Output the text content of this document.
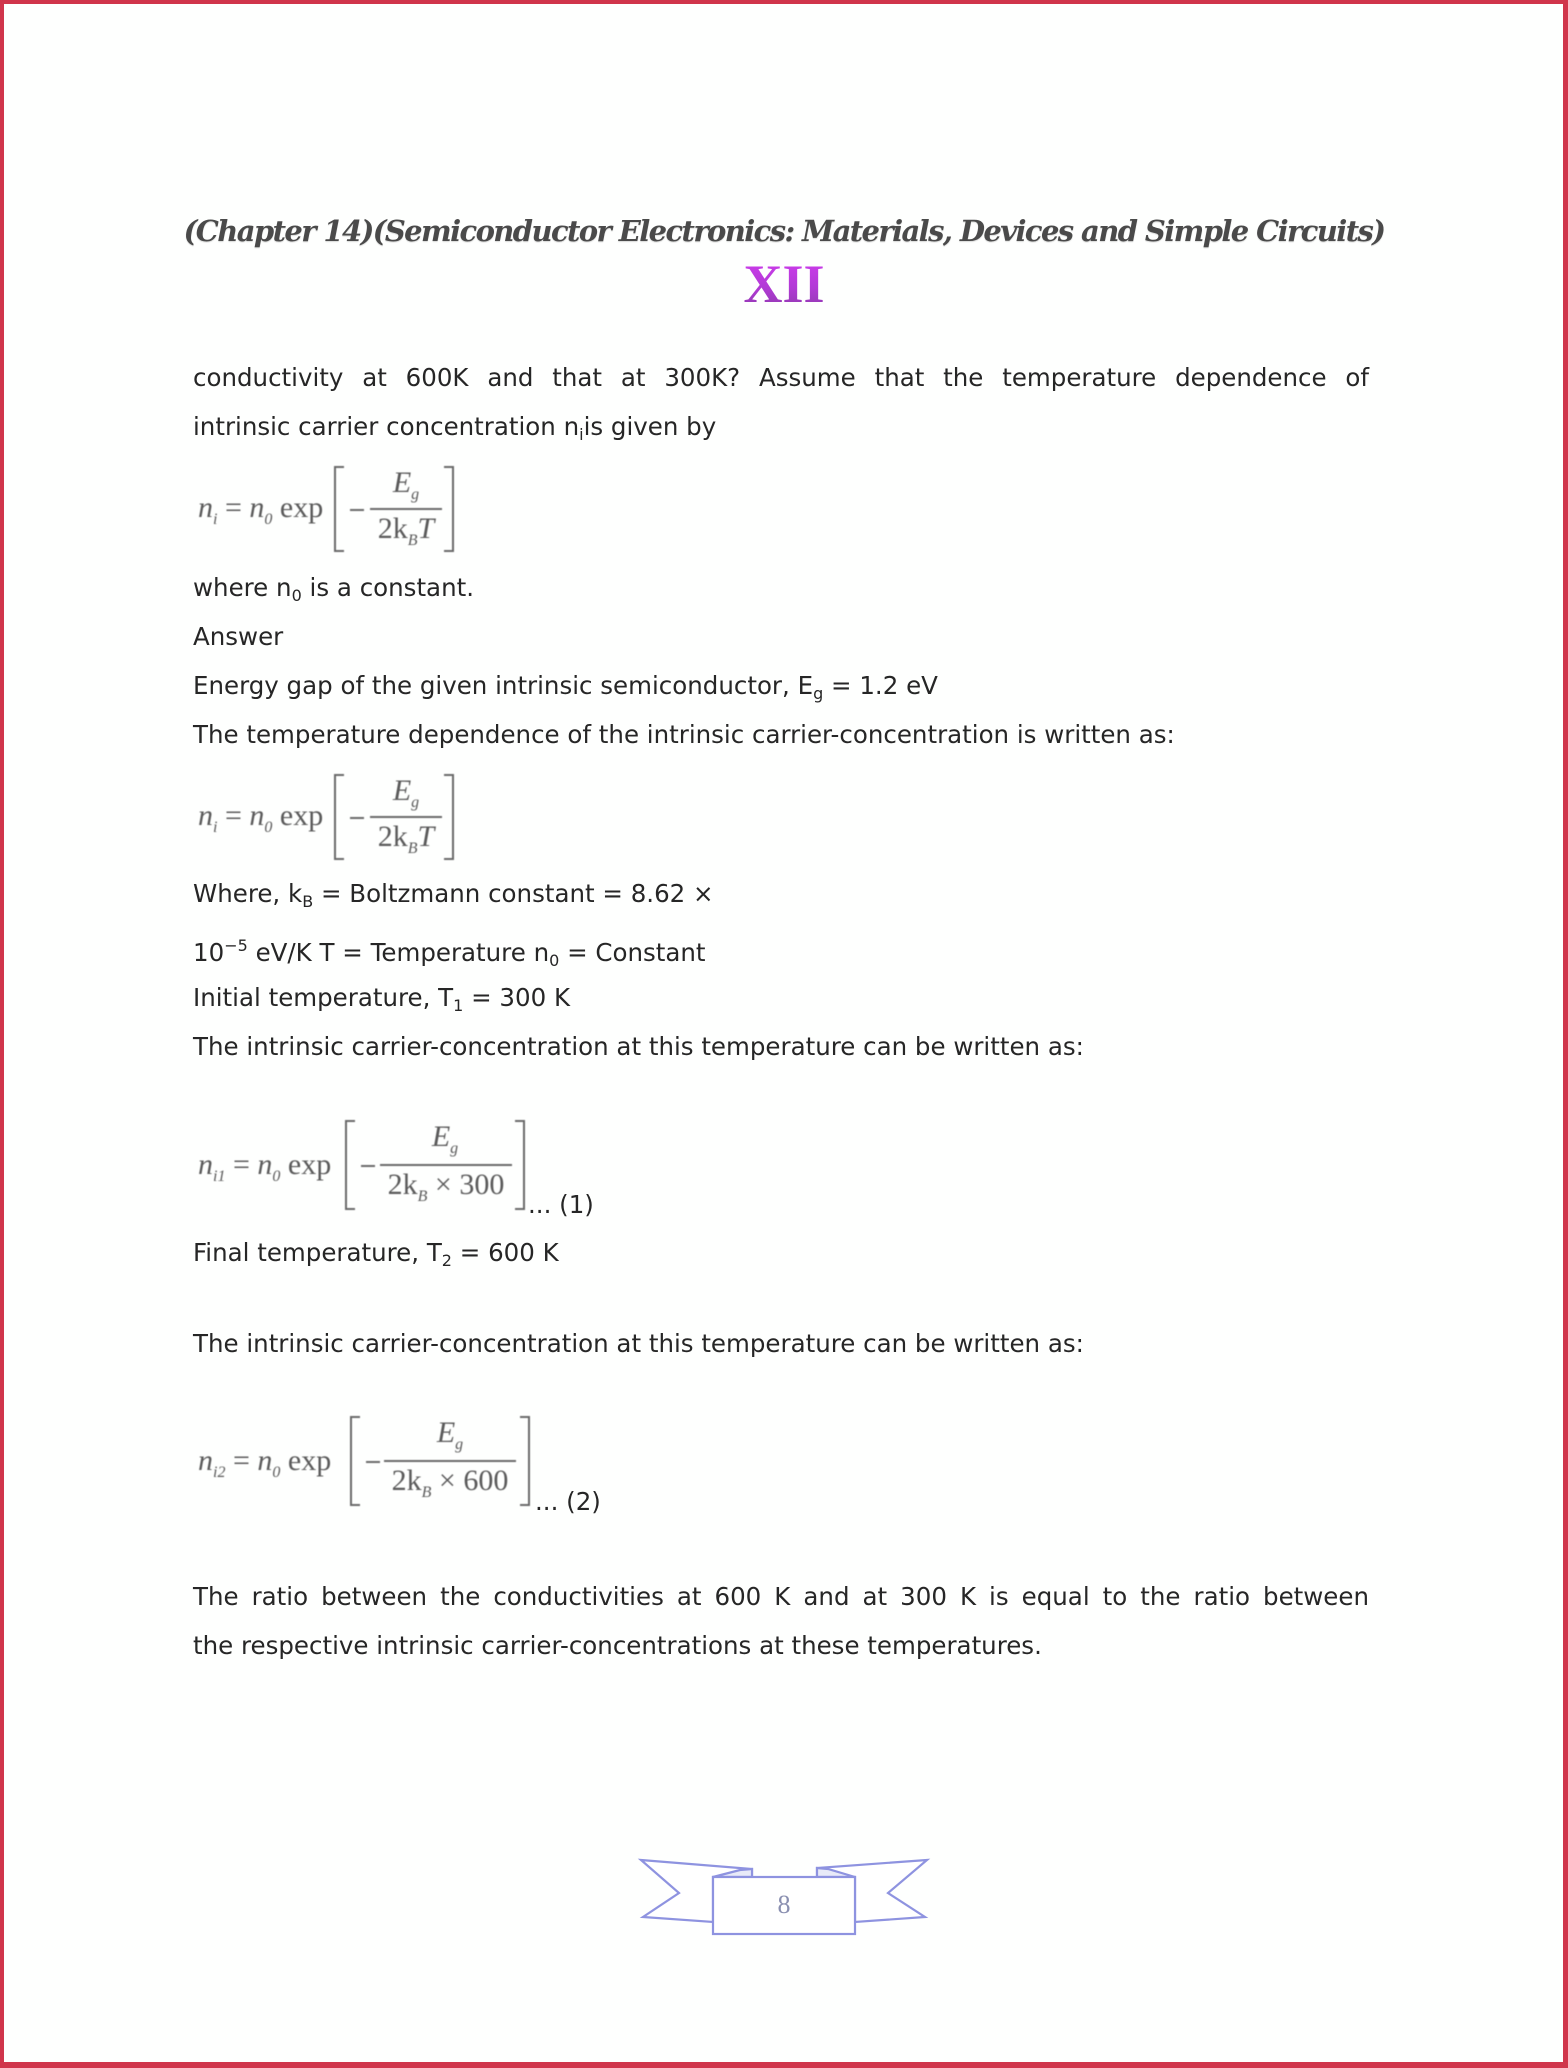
(Chapter 14)(Semiconductor Electronics: Materials, Devices and Simple Circuits)
XII
conductivity at 600K and that at 300K? Assume that the temperature dependence of
intrinsic carrier concentration $n_iis$ given by
$n_i = n_0$ exp
$E_g$
$2k_BT$
where $n_0$ is a constant.
Answer
Energy gap of the given intrinsic semiconductor, $E_g = 1.2$ eV
The temperature dependence of the intrinsic carrier-concentration is written as:
$n_i = n_0$ exp
$E_g$
$2k_BT$
Where, $k_B$ = Boltzmann constant = 8.62 ×
$10^{-5}$ eV/K T = Temperature $n_0$ = Constant
Initial temperature, $T_1 = 300$ K
The intrinsic carrier-concentration at this temperature can be written as:
$n_{i1} = n_0$ exp
$E_g$
$2k_B \times 300$
... (1)
Final temperature, $T_2 = 600$ K
The intrinsic carrier-concentration at this temperature can be written as:
$n_{i2} = n_0$ exp
$E_g$
$2k_B \times 600$
... (2)
The ratio between the conductivities at 600 K and at 300 K is equal to the ratio between
the respective intrinsic carrier-concentrations at these temperatures.
8
